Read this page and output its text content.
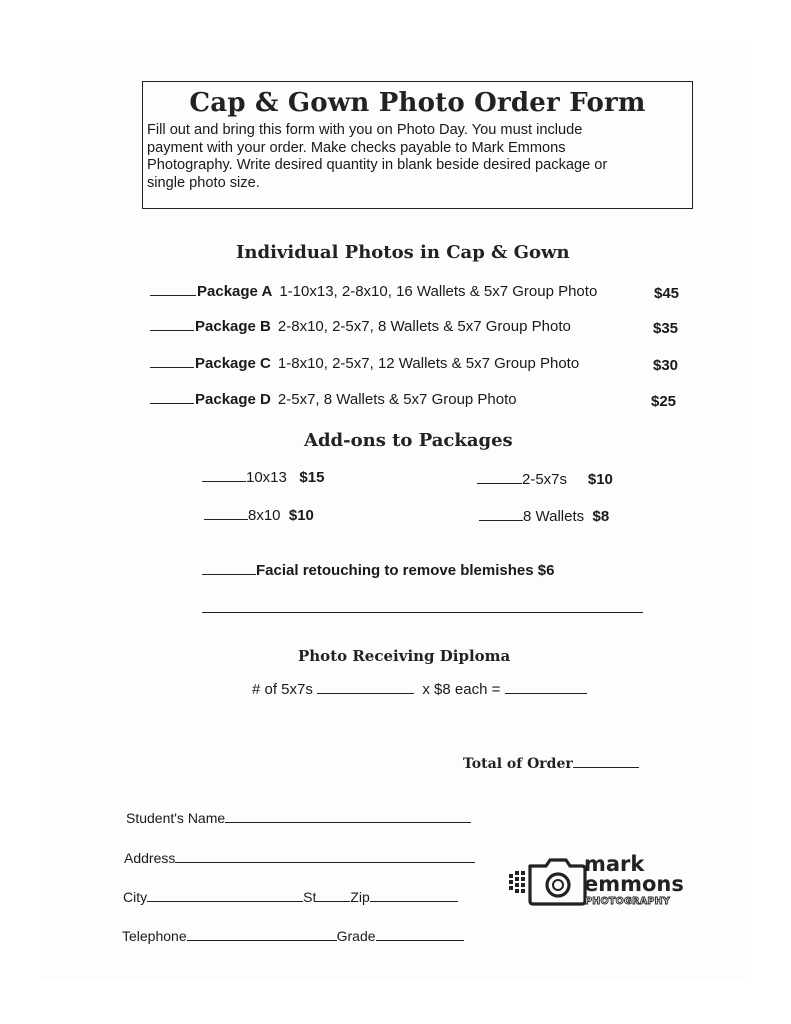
Cap & Gown Photo Order Form
Fill out and bring this form with you on Photo Day. You must include
payment with your order. Make checks payable to Mark Emmons
Photography. Write desired quantity in blank beside desired package or
single photo size.
Individual Photos in Cap & Gown
Package A 1-10x13, 2-8x10, 16 Wallets & 5x7 Group Photo	$45
Package B 2-8x10, 2-5x7, 8 Wallets & 5x7 Group Photo	$35
Package C 1-8x10, 2-5x7, 12 Wallets & 5x7 Group Photo	$30
Package D 2-5x7, 8 Wallets & 5x7 Group Photo	$25
Add-ons to Packages
10x13 $15	2-5x7s $10
8x10 $10	8 Wallets $8
Facial retouching to remove blemishes $6
Photo Receiving Diploma
# of 5x7s	x $8 each =
Total of Order
Student's Name
Address
City	St Zip
Telephone	Grade
mark
emmons
PHOTOGRAPHY
